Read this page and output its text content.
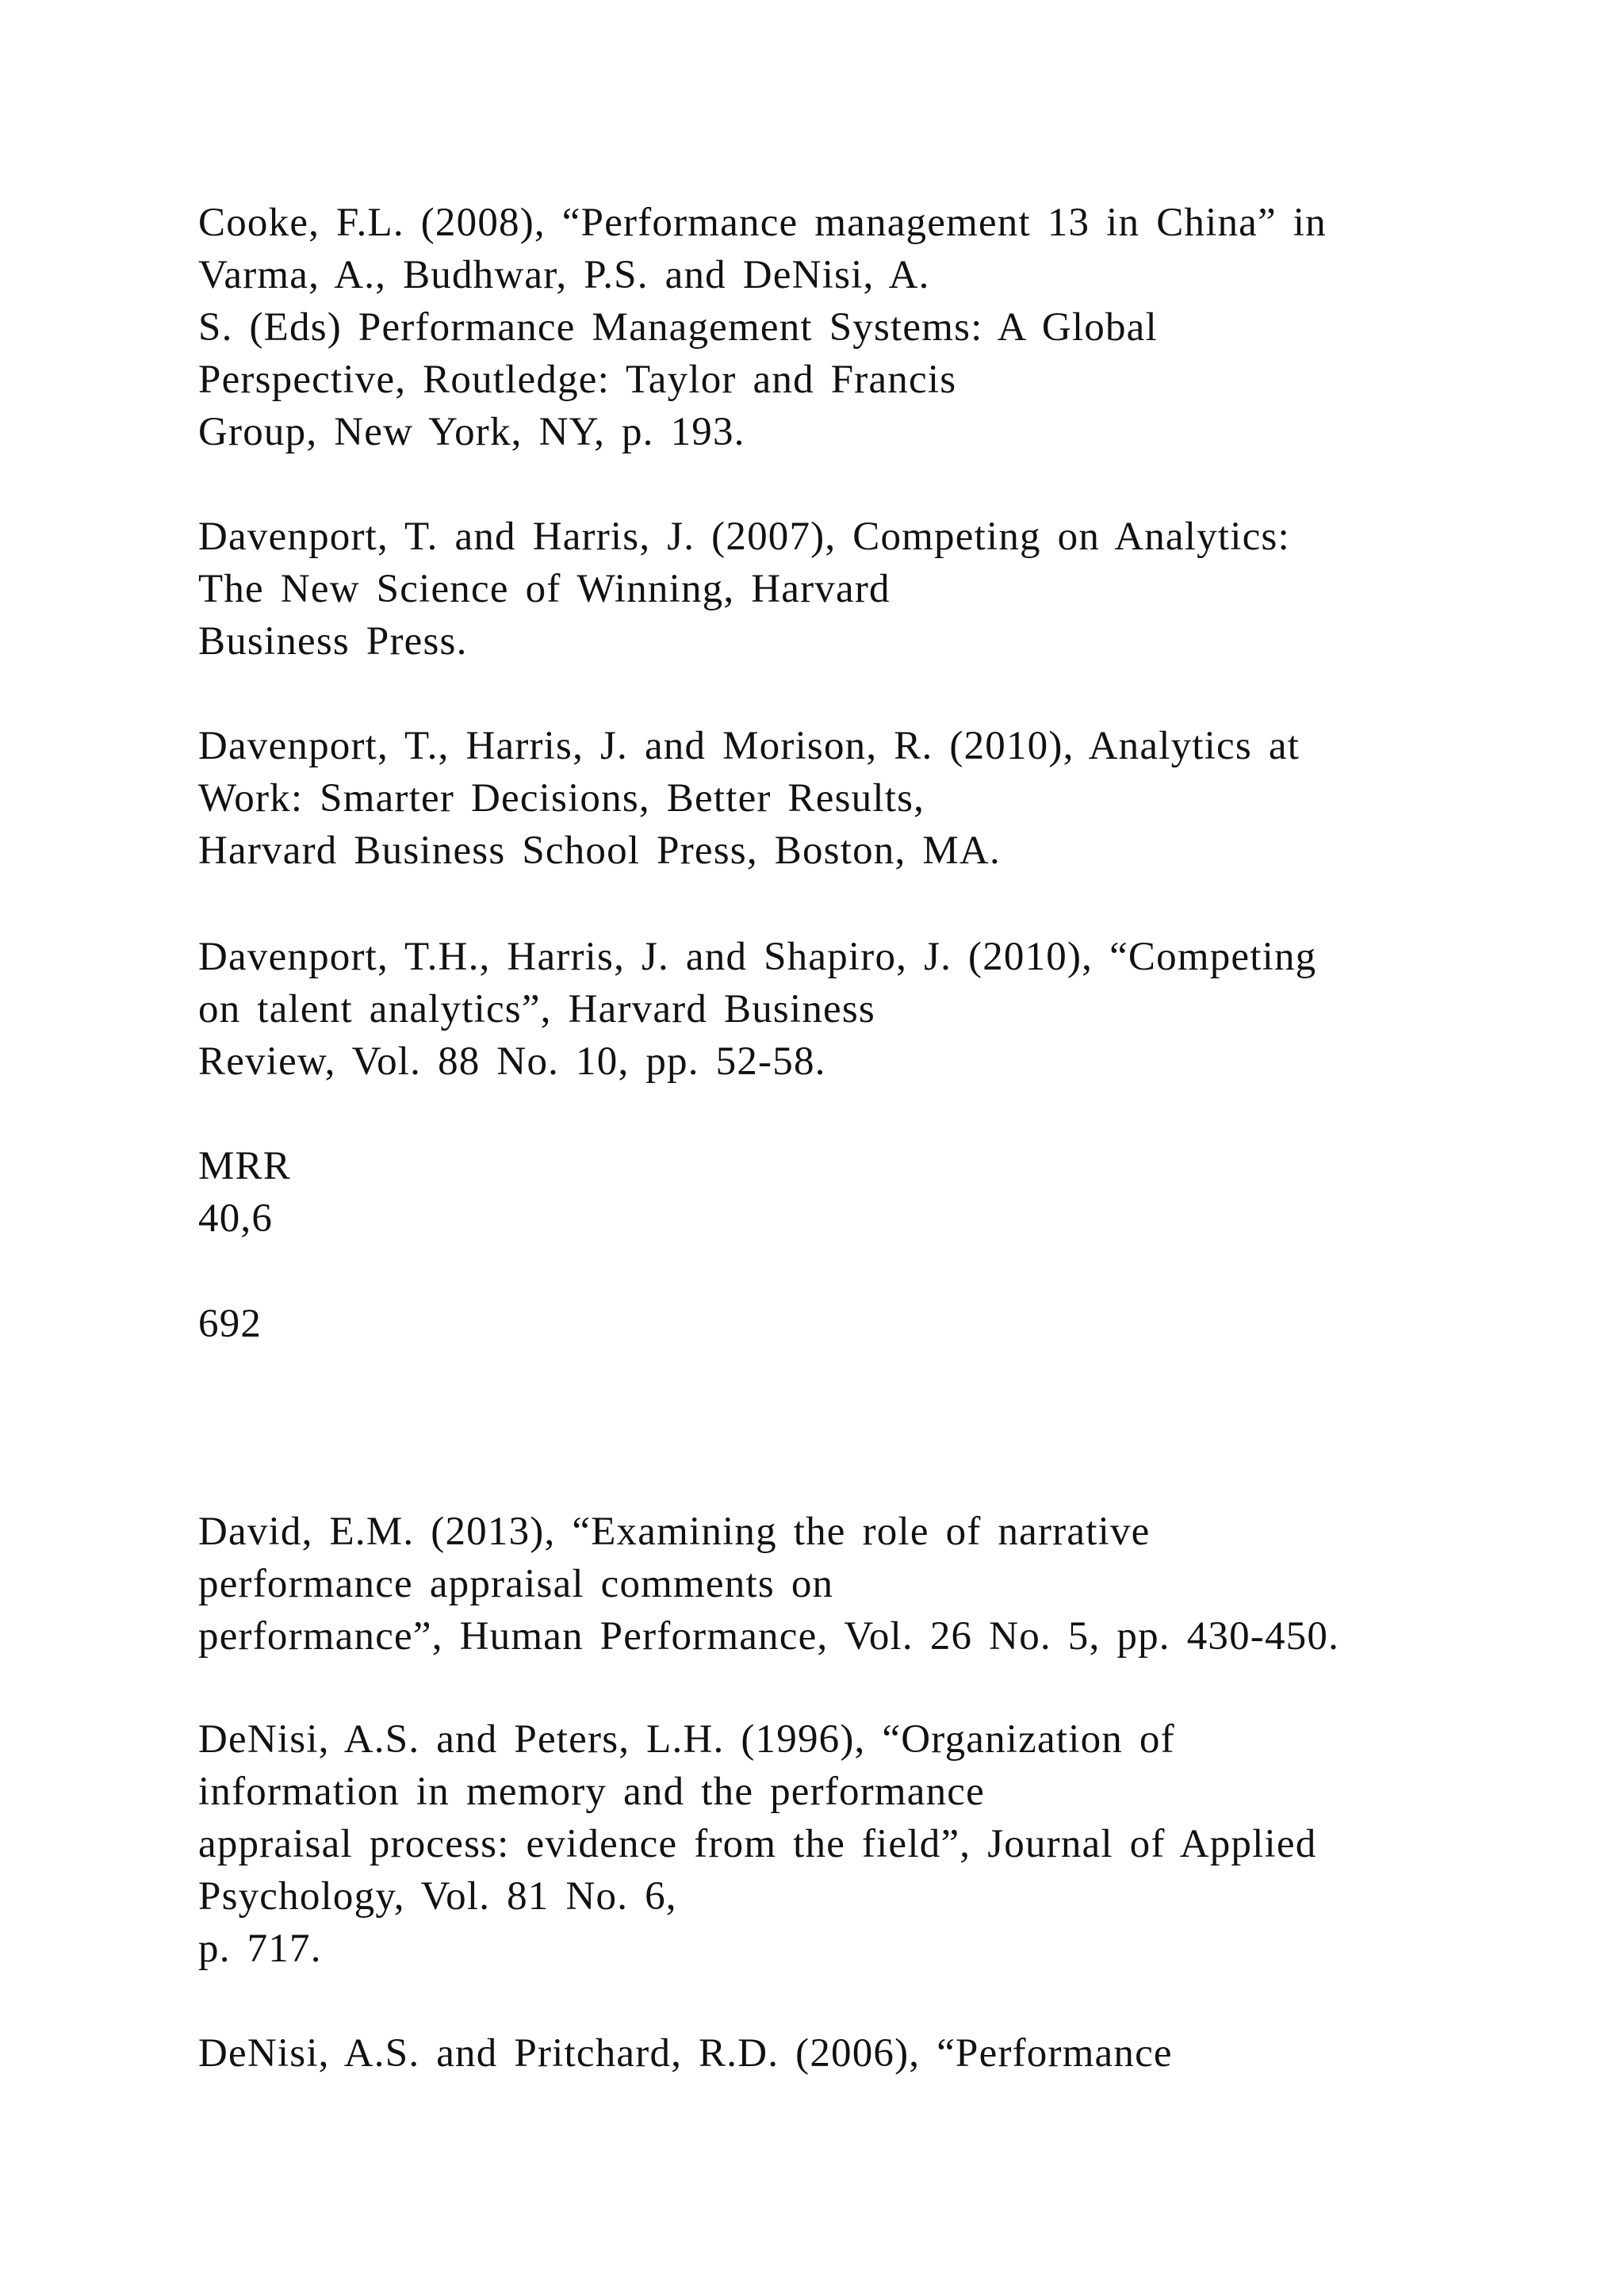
Cooke, F.L. (2008), “Performance management 13 in China” in
Varma, A., Budhwar, P.S. and DeNisi, A.
S. (Eds) Performance Management Systems: A Global
Perspective, Routledge: Taylor and Francis
Group, New York, NY, p. 193.
Davenport, T. and Harris, J. (2007), Competing on Analytics:
The New Science of Winning, Harvard
Business Press.
Davenport, T., Harris, J. and Morison, R. (2010), Analytics at
Work: Smarter Decisions, Better Results,
Harvard Business School Press, Boston, MA.
Davenport, T.H., Harris, J. and Shapiro, J. (2010), “Competing
on talent analytics”, Harvard Business
Review, Vol. 88 No. 10, pp. 52-58.
MRR
40,6
692
David, E.M. (2013), “Examining the role of narrative
performance appraisal comments on
performance”, Human Performance, Vol. 26 No. 5, pp. 430-450.
DeNisi, A.S. and Peters, L.H. (1996), “Organization of
information in memory and the performance
appraisal process: evidence from the field”, Journal of Applied
Psychology, Vol. 81 No. 6,
p. 717.
DeNisi, A.S. and Pritchard, R.D. (2006), “Performance
